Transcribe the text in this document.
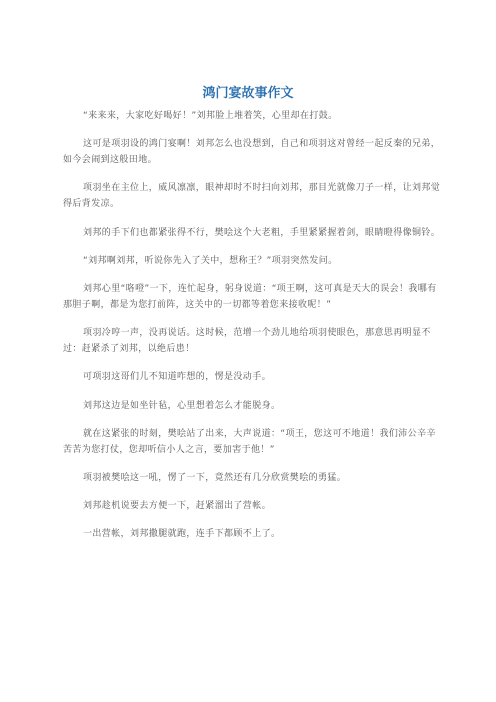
鸿门宴故事作文

“来来来，大家吃好喝好！”刘邦脸上堆着笑，心里却在打鼓。

这可是项羽设的鸿门宴啊！刘邦怎么也没想到，自己和项羽这对曾经一起反秦的兄弟，如今会闹到这般田地。

项羽坐在主位上，威风凛凛，眼神却时不时扫向刘邦，那目光就像刀子一样，让刘邦觉得后背发凉。

刘邦的手下们也都紧张得不行，樊哙这个大老粗，手里紧紧握着剑，眼睛瞪得像铜铃。

“刘邦啊刘邦，听说你先入了关中，想称王？”项羽突然发问。

刘邦心里“咯噔”一下，连忙起身，躬身说道：“项王啊，这可真是天大的误会！我哪有那胆子啊，都是为您打前阵，这关中的一切都等着您来接收呢！”

项羽冷哼一声，没再说话。这时候，范增一个劲儿地给项羽使眼色，那意思再明显不过：赶紧杀了刘邦，以绝后患！

可项羽这哥们儿不知道咋想的，愣是没动手。

刘邦这边是如坐针毡，心里想着怎么才能脱身。

就在这紧张的时刻，樊哙站了出来，大声说道：“项王，您这可不地道！我们沛公辛辛苦苦为您打仗，您却听信小人之言，要加害于他！”

项羽被樊哙这一吼，愣了一下，竟然还有几分欣赏樊哙的勇猛。

刘邦趁机说要去方便一下，赶紧溜出了营帐。

一出营帐，刘邦撒腿就跑，连手下都顾不上了。
